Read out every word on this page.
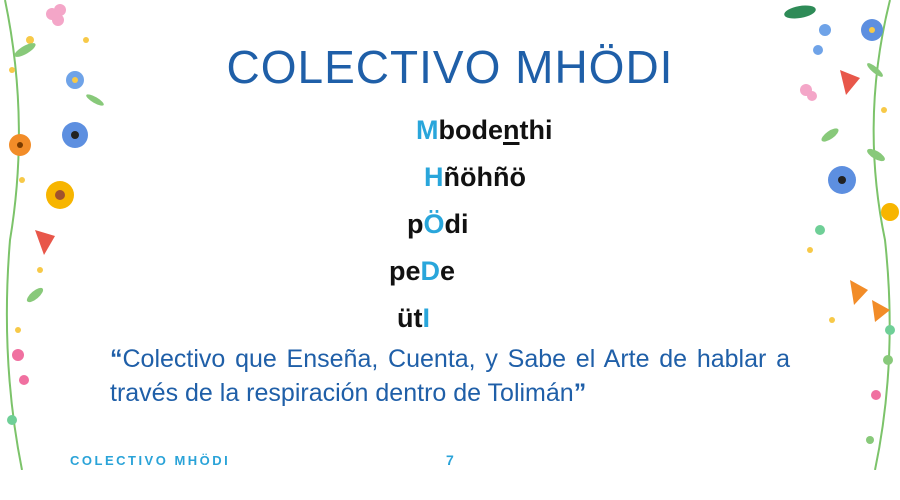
COLECTIVO MHÖDI
Mbodenthi
Hñöhñö
pÖdi
peDe
ütI
“Colectivo que Enseña, Cuenta, y Sabe el Arte de hablar a través de la respiración dentro de Tolimán”
COLECTIVO MHÖDI	7
